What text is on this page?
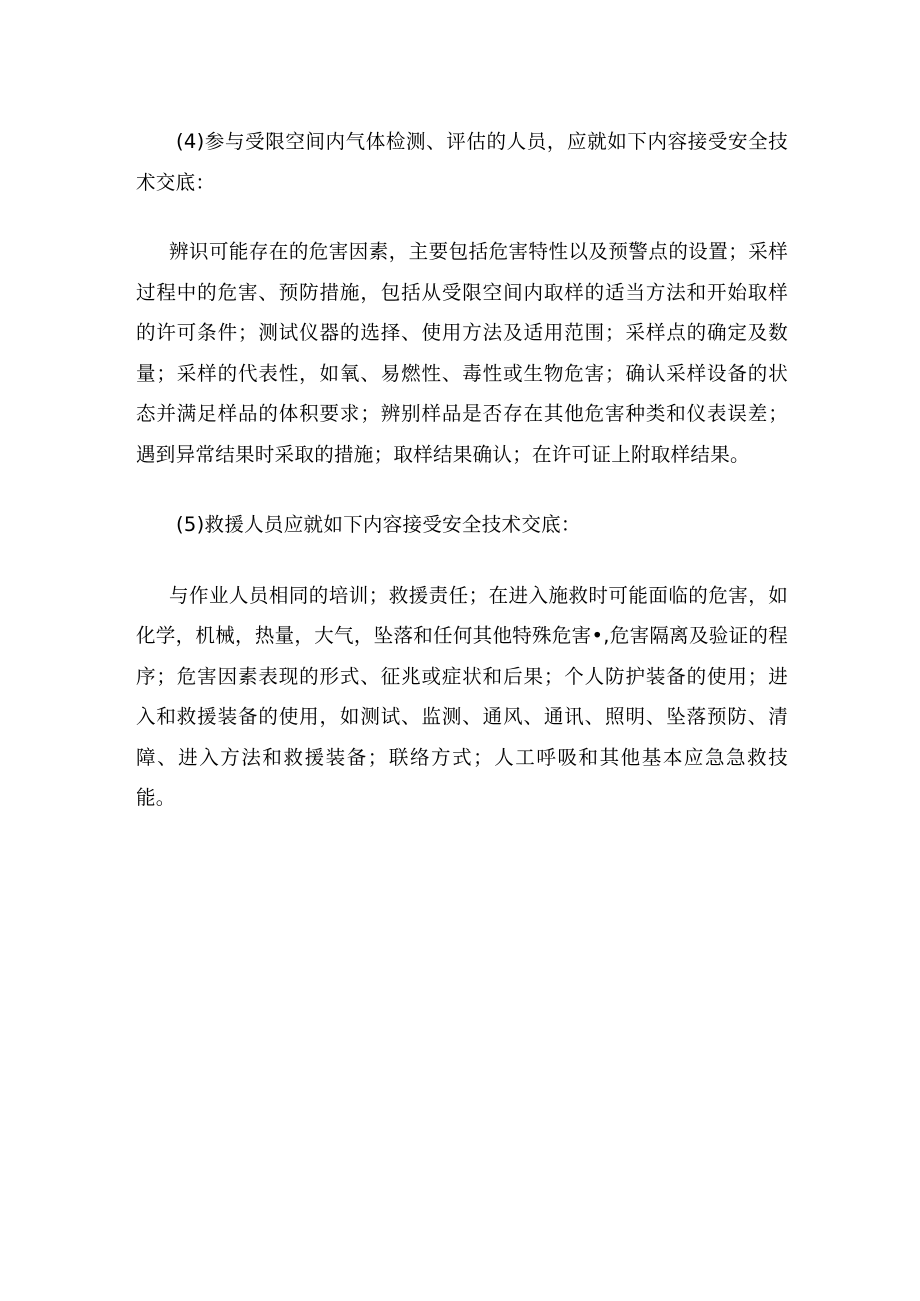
(4)参与受限空间内气体检测、评估的人员，应就如下内容接受安全技术交底：

辨识可能存在的危害因素，主要包括危害特性以及预警点的设置；采样过程中的危害、预防措施，包括从受限空间内取样的适当方法和开始取样的许可条件；测试仪器的选择、使用方法及适用范围；采样点的确定及数量；采样的代表性，如氧、易燃性、毒性或生物危害；确认采样设备的状态并满足样品的体积要求；辨别样品是否存在其他危害种类和仪表误差；遇到异常结果时采取的措施；取样结果确认；在许可证上附取样结果。

(5)救援人员应就如下内容接受安全技术交底：

与作业人员相同的培训；救援责任；在进入施救时可能面临的危害，如化学，机械，热量，大气，坠落和任何其他特殊危害•,危害隔离及验证的程序；危害因素表现的形式、征兆或症状和后果；个人防护装备的使用；进入和救援装备的使用，如测试、监测、通风、通讯、照明、坠落预防、清障、进入方法和救援装备；联络方式；人工呼吸和其他基本应急急救技能。
